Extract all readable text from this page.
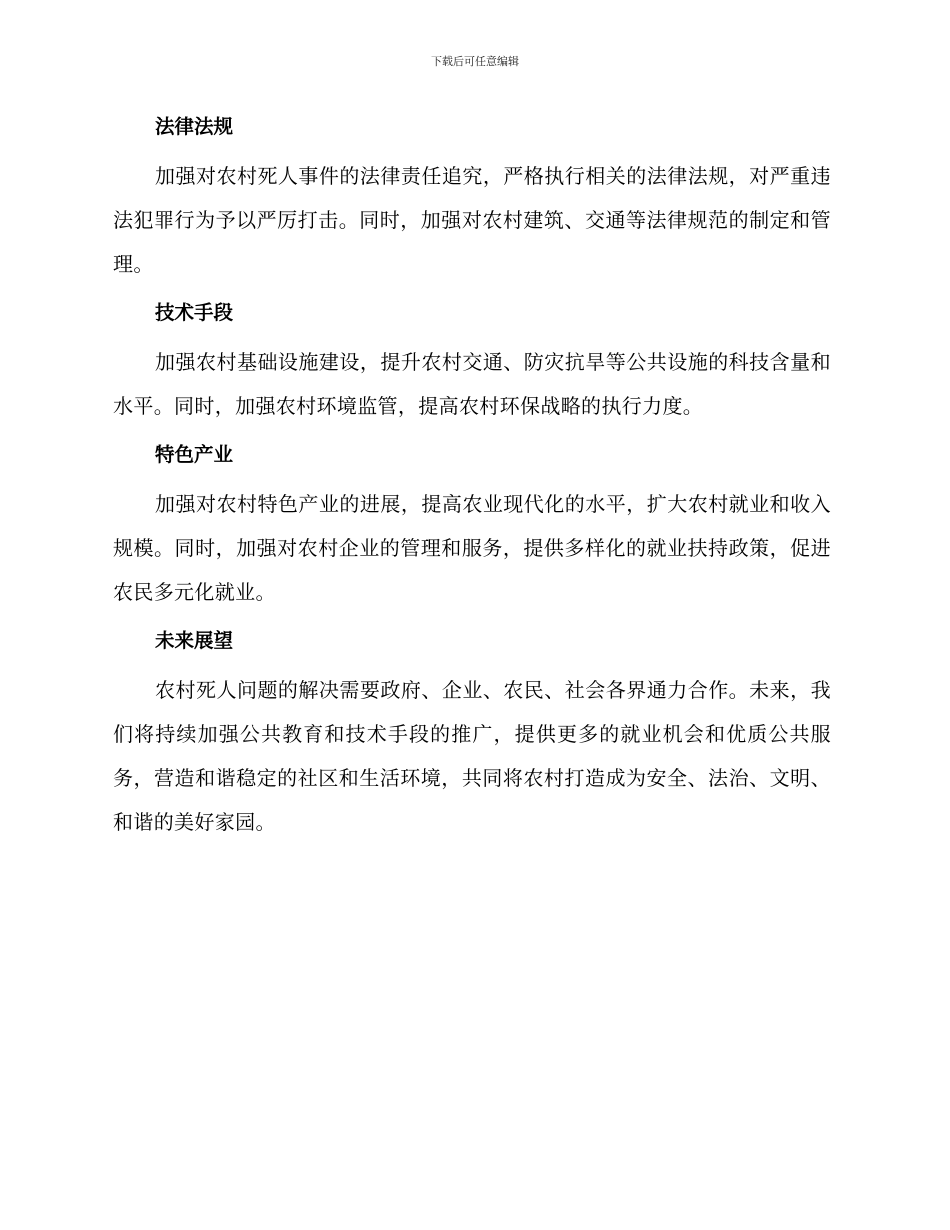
下载后可任意编辑
法律法规

加强对农村死人事件的法律责任追究，严格执行相关的法律法规，对严重违法犯罪行为予以严厉打击。同时，加强对农村建筑、交通等法律规范的制定和管理。

技术手段

加强农村基础设施建设，提升农村交通、防灾抗旱等公共设施的科技含量和水平。同时，加强农村环境监管，提高农村环保战略的执行力度。

特色产业

加强对农村特色产业的进展，提高农业现代化的水平，扩大农村就业和收入规模。同时，加强对农村企业的管理和服务，提供多样化的就业扶持政策，促进农民多元化就业。

未来展望

农村死人问题的解决需要政府、企业、农民、社会各界通力合作。未来，我们将持续加强公共教育和技术手段的推广，提供更多的就业机会和优质公共服务，营造和谐稳定的社区和生活环境，共同将农村打造成为安全、法治、文明、和谐的美好家园。
